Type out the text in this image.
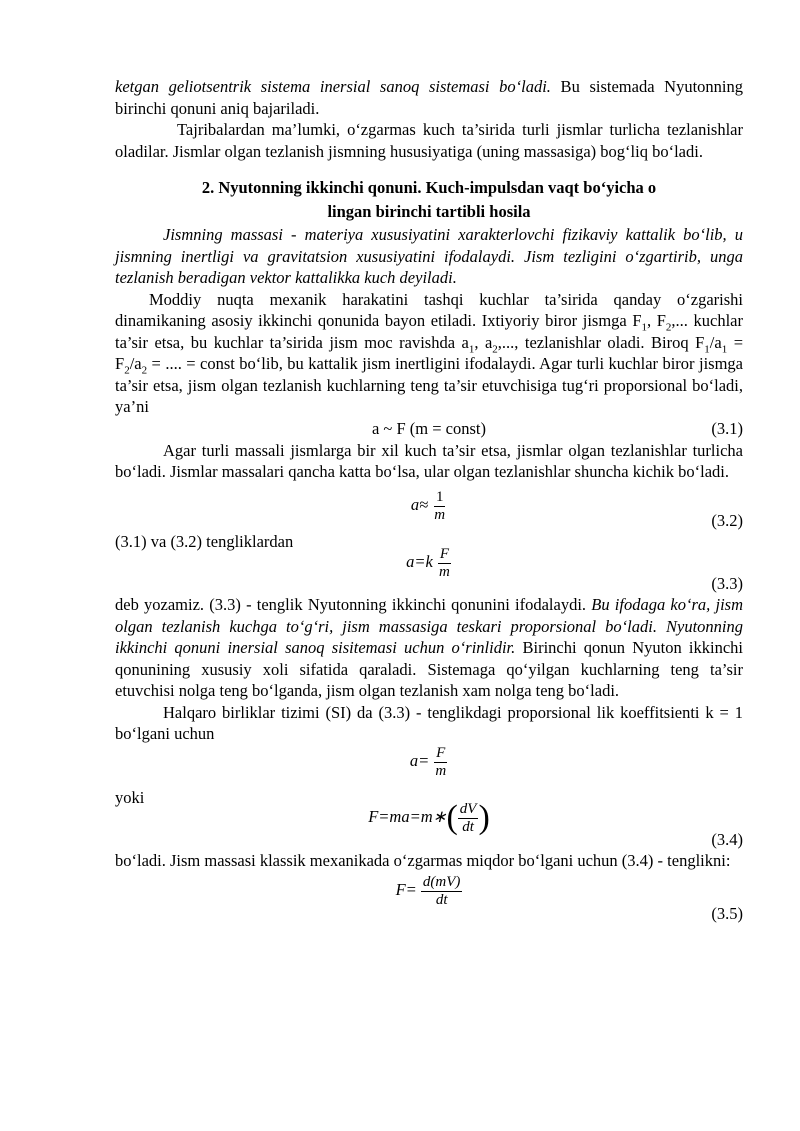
ketgan geliotsentrik sistema inersial sanoq sistemasi bo‘ladi. Bu sistemada Nyutonning birinchi qonuni aniq bajariladi.

Tajribalardan ma’lumki, o‘zgarmas kuch ta’sirida turli jismlar turlicha tezlanishlar oladilar. Jismlar olgan tezlanish jismning hususiyatiga (uning massasiga) bog‘liq bo‘ladi.

2. Nyutonning ikkinchi qonuni. Kuch-impulsdan vaqt bo‘yicha o
lingan birinchi tartibli hosila

Jismning massasi - materiya xususiyatini xarakterlovchi fizikaviy kattalik bo‘lib, u jismning inertligi va gravitatsion xususiyatini ifodalaydi. Jism tezligini o‘zgartirib, unga tezlanish beradigan vektor kattalikka kuch deyiladi.

Moddiy nuqta mexanik harakatini tashqi kuchlar ta’sirida qanday o‘zgarishi dinamikaning asosiy ikkinchi qonunida bayon etiladi. Ixtiyoriy biror jismga $F_1$, $F_2$,... kuchlar ta’sir etsa, bu kuchlar ta’sirida jism moc ravishda $a_1$, $a_2$,..., tezlanishlar oladi. Biroq $F_1/a_1 = F_2/a_2$ = .... = const bo‘lib, bu kattalik jism inertligini ifodalaydi. Agar turli kuchlar biror jismga ta’sir etsa, jism olgan tezlanish kuchlarning teng ta’sir etuvchisiga tug‘ri proporsional bo‘ladi, ya’ni

a ~ F (m = const)	(3.1)

Agar turli massali jismlarga bir xil kuch ta’sir etsa, jismlar olgan tezlanishlar turlicha bo‘ladi. Jismlar massalari qancha katta bo‘lsa, ular olgan tezlanishlar shuncha kichik bo‘ladi.

$a\approx \frac{1}{m}$	(3.2)

(3.1) va (3.2) tengliklardan

$a=k \frac{F}{m}$
(3.3)

deb yozamiz. (3.3) - tenglik Nyutonning ikkinchi qonunini ifodalaydi. Bu ifodaga ko‘ra, jism olgan tezlanish kuchga to‘g‘ri, jism massasiga teskari proporsional bo‘ladi. Nyutonning ikkinchi qonuni inersial sanoq sisitemasi uchun o‘rinlidir. Birinchi qonun Nyuton ikkinchi qonunining xususiy xoli sifatida qaraladi. Sistemaga qo‘yilgan kuchlarning teng ta’sir etuvchisi nolga teng bo‘lganda, jism olgan tezlanish xam nolga teng bo‘ladi.

Halqaro birliklar tizimi (SI) da (3.3) - tenglikdagi proporsional lik koeffitsienti k = 1 bo‘lgani uchun

$a= \frac{F}{m}$

yoki

F=ma=m∗( $\frac{dV}{dt}$ )
(3.4)

bo‘ladi. Jism massasi klassik mexanikada o‘zgarmas miqdor bo‘lgani uchun (3.4) - tenglikni:

$F= \frac{d(mV)}{dt}$
(3.5)
